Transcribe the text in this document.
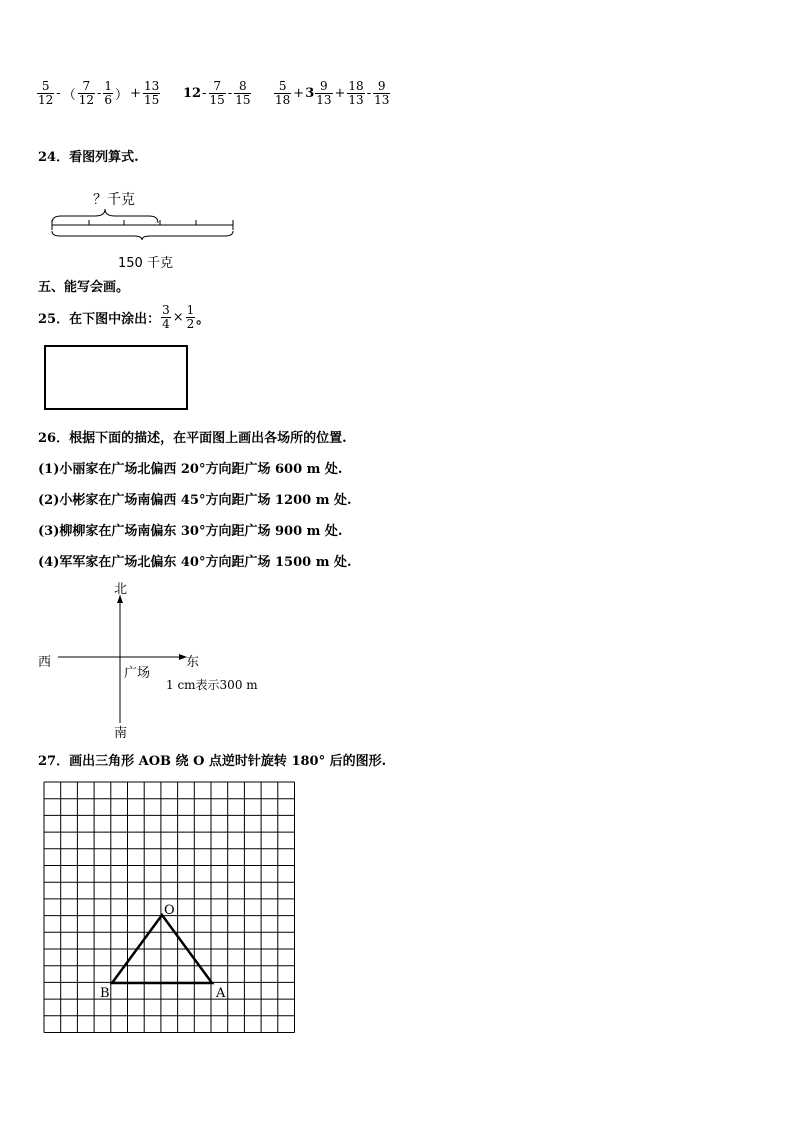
$\frac{5}{12}$ - （ $\frac{7}{12} - \frac{1}{6}$ ） + $\frac{13}{15} 12 - \frac{7}{15} - \frac{8}{15} \frac{5}{18} + 3 \frac{9}{13} + \frac{18}{13} - \frac{9}{13}$
24．看图列算式.
？千克
150 千克
五、能写会画。
25．在下图中涂出： $\frac{3}{4} \times \frac{1}{2}$ 。
26．根据下面的描述，在平面图上画出各场所的位置.
(1)小丽家在广场北偏西 20°方向距广场 600 m 处.
(2)小彬家在广场南偏西 45°方向距广场 1200 m 处.
(3)柳柳家在广场南偏东 30°方向距广场 900 m 处.
(4)军军家在广场北偏东 40°方向距广场 1500 m 处.
北
南
西	东
广场
1 cm表示300 m
27．画出三角形 AOB 绕 O 点逆时针旋转 180° 后的图形.
O
A
B
